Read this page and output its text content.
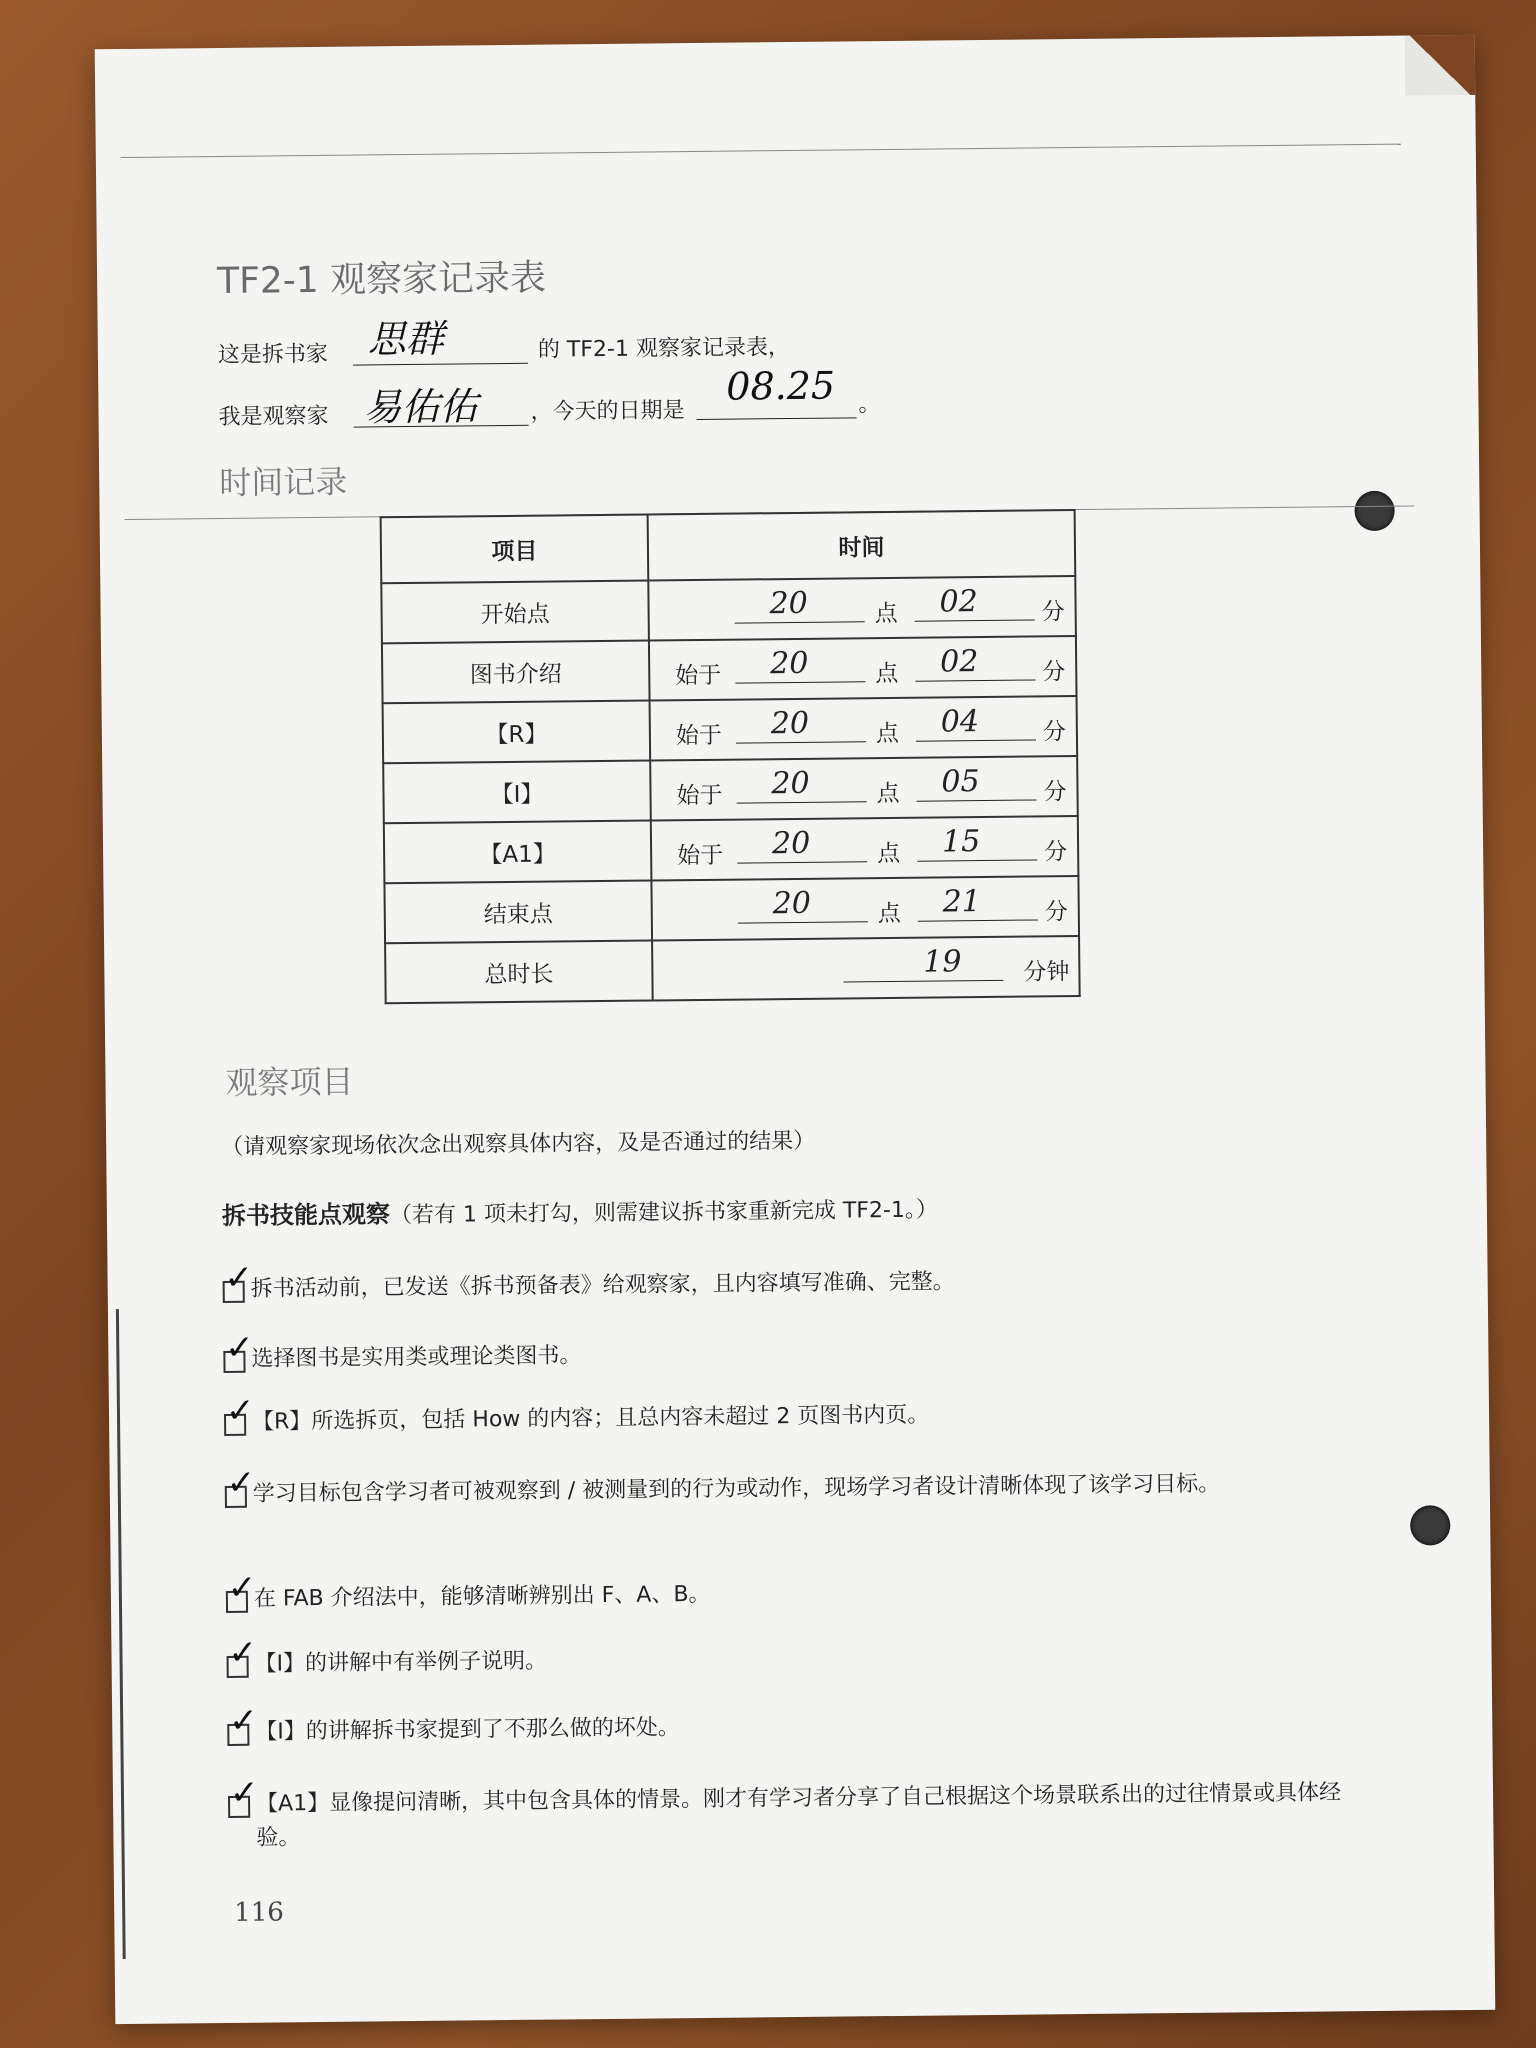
TF2-1 观察家记录表
这是拆书家 思群	的 TF2-1 观察家记录表，
我是观察家 易佑佑 ，今天的日期是
08.25 。
时间记录
项目	时间
开始点	20 点 02 分

图书介绍	始于 20 点 02 分

【R】	始于 20 点 04 分

【I】	始于 20 点 05 分

【A1】	始于 20 点 15 分

结束点	20 点 21 分

总时长	19 分钟
观察项目
（请观察家现场依次念出观察具体内容，及是否通过的结果）
拆书技能点观察（若有 1 项未打勾，则需建议拆书家重新完成 TF2-1。）
✓
拆书活动前，已发送《拆书预备表》给观察家，且内容填写准确、完整。
✓
选择图书是实用类或理论类图书。
✓
【R】所选拆页，包括 How 的内容；且总内容未超过 2 页图书内页。
✓
学习目标包含学习者可被观察到 / 被测量到的行为或动作，现场学习者设计清晰体现了该学习目标。
✓
在 FAB 介绍法中，能够清晰辨别出 F、A、B。
✓
【I】的讲解中有举例子说明。
✓
【I】的讲解拆书家提到了不那么做的坏处。
✓
【A1】显像提问清晰，其中包含具体的情景。刚才有学习者分享了自己根据这个场景联系出的过往情景或具体经验。
116
